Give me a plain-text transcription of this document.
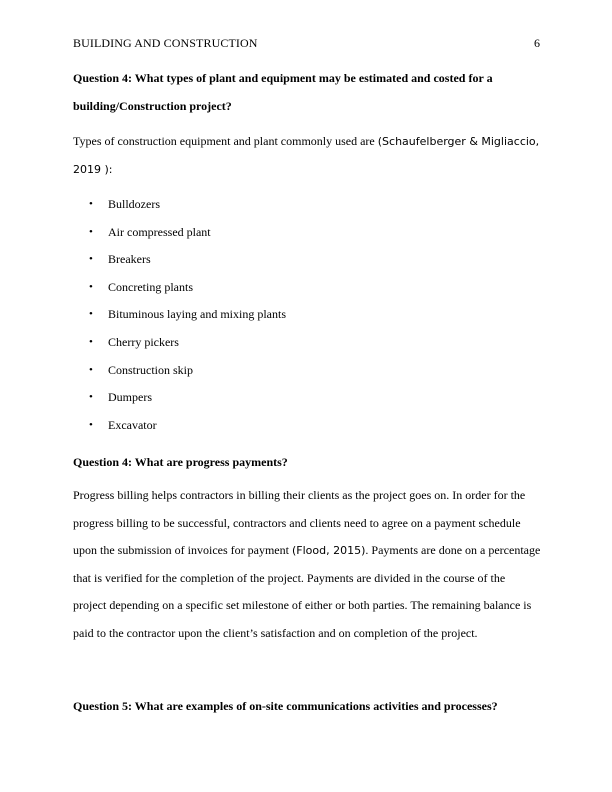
BUILDING AND CONSTRUCTION	6

Question 4: What types of plant and equipment may be estimated and costed for a

building/Construction project?

Types of construction equipment and plant commonly used are (Schaufelberger & Migliaccio,

2019 ):

• Bulldozers
• Air compressed plant
• Breakers
• Concreting plants
• Bituminous laying and mixing plants
• Cherry pickers
• Construction skip
• Dumpers
• Excavator

Question 4: What are progress payments?

Progress billing helps contractors in billing their clients as the project goes on. In order for the

progress billing to be successful, contractors and clients need to agree on a payment schedule

upon the submission of invoices for payment (Flood, 2015). Payments are done on a percentage

that is verified for the completion of the project. Payments are divided in the course of the

project depending on a specific set milestone of either or both parties. The remaining balance is

paid to the contractor upon the client’s satisfaction and on completion of the project.

Question 5: What are examples of on-site communications activities and processes?
